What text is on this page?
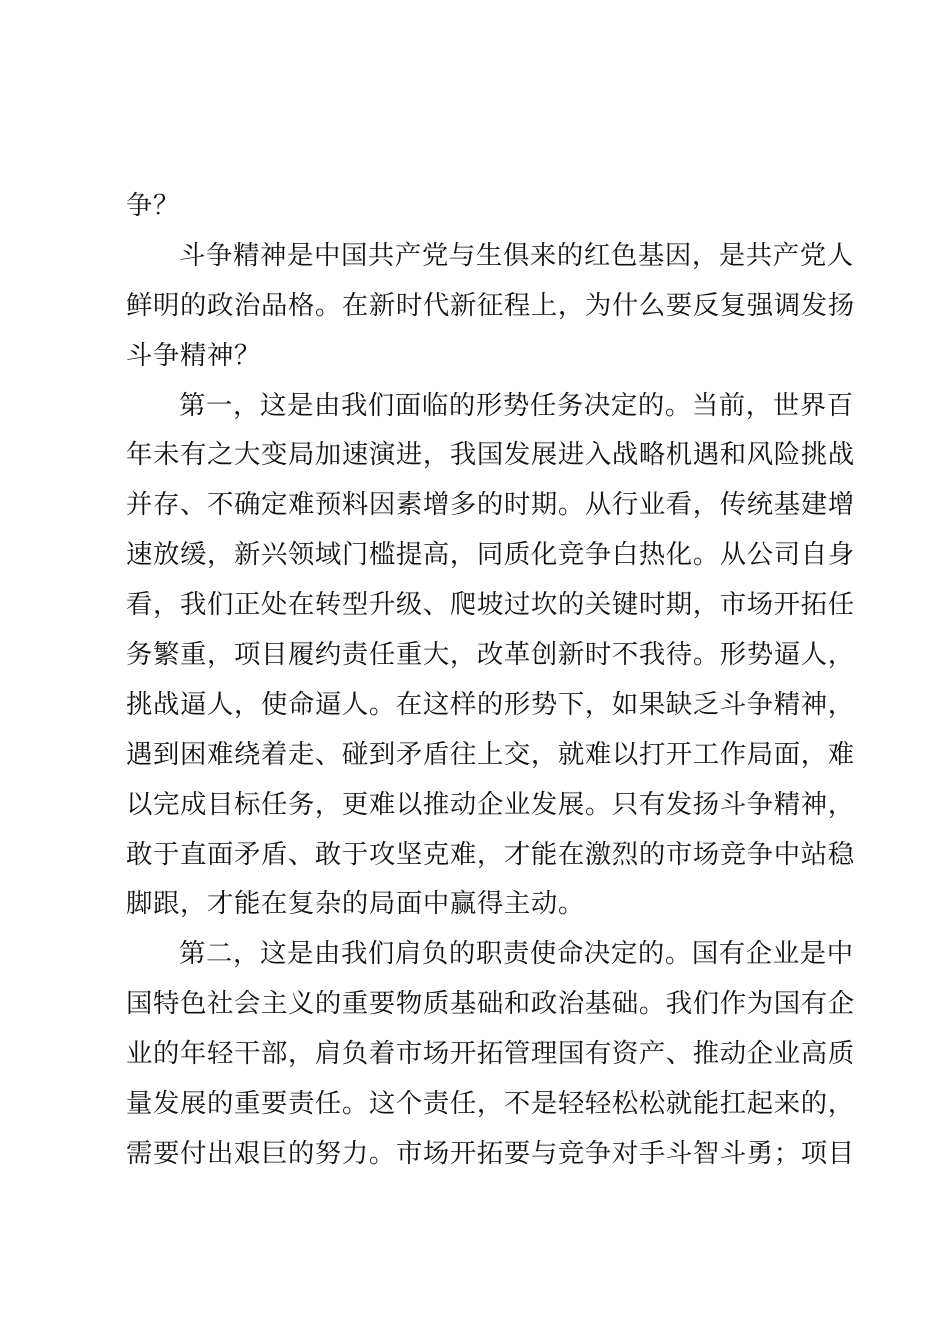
争？
斗争精神是中国共产党与生俱来的红色基因，是共产党人
鲜明的政治品格。在新时代新征程上，为什么要反复强调发扬
斗争精神？
第一，这是由我们面临的形势任务决定的。当前，世界百
年未有之大变局加速演进，我国发展进入战略机遇和风险挑战
并存、不确定难预料因素增多的时期。从行业看，传统基建增
速放缓，新兴领域门槛提高，同质化竞争白热化。从公司自身
看，我们正处在转型升级、爬坡过坎的关键时期，市场开拓任
务繁重，项目履约责任重大，改革创新时不我待。形势逼人，
挑战逼人，使命逼人。在这样的形势下，如果缺乏斗争精神，
遇到困难绕着走、碰到矛盾往上交，就难以打开工作局面，难
以完成目标任务，更难以推动企业发展。只有发扬斗争精神，
敢于直面矛盾、敢于攻坚克难，才能在激烈的市场竞争中站稳
脚跟，才能在复杂的局面中赢得主动。
第二，这是由我们肩负的职责使命决定的。国有企业是中
国特色社会主义的重要物质基础和政治基础。我们作为国有企
业的年轻干部，肩负着市场开拓管理国有资产、推动企业高质
量发展的重要责任。这个责任，不是轻轻松松就能扛起来的，
需要付出艰巨的努力。市场开拓要与竞争对手斗智斗勇；项目
